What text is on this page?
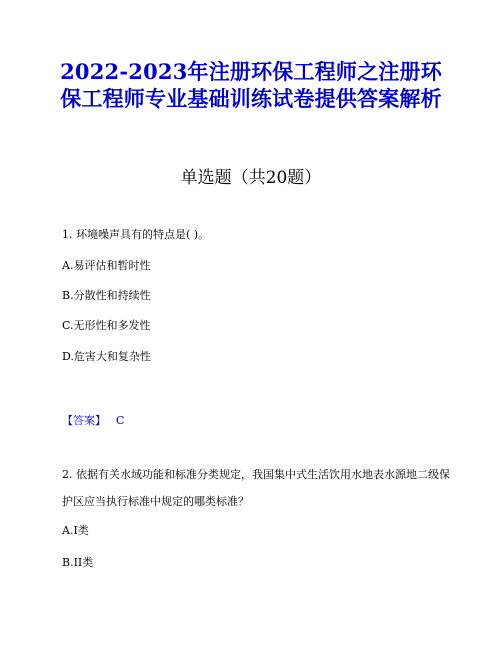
2022-2023年注册环保工程师之注册环保工程师专业基础训练试卷提供答案解析
单选题（共20题）
1. 环境噪声具有的特点是( )。
A.易评估和暂时性
B.分散性和持续性
C.无形性和多发性
D.危害大和复杂性
【答案】 C
2. 依据有关水域功能和标准分类规定，我国集中式生活饮用水地表水源地二级保护区应当执行标准中规定的哪类标准？
A.I类
B.II类
